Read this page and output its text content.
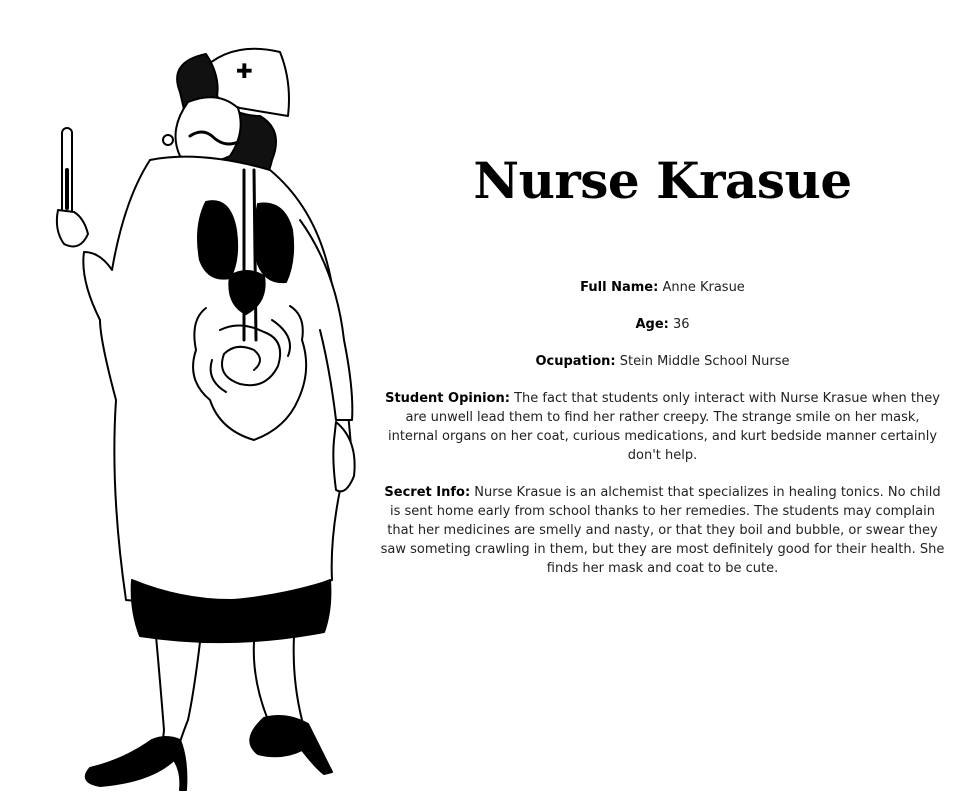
✚
Nurse Krasue

Full Name: Anne Krasue

Age: 36

Ocupation: Stein Middle School Nurse

Student Opinion: The fact that students only interact with Nurse Krasue when they are unwell lead them to find her rather creepy. The strange smile on her mask, internal organs on her coat, curious medications, and kurt bedside manner certainly don't help.

Secret Info: Nurse Krasue is an alchemist that specializes in healing tonics. No child is sent home early from school thanks to her remedies. The students may complain that her medicines are smelly and nasty, or that they boil and bubble, or swear they saw someting crawling in them, but they are most definitely good for their health. She finds her mask and coat to be cute.
